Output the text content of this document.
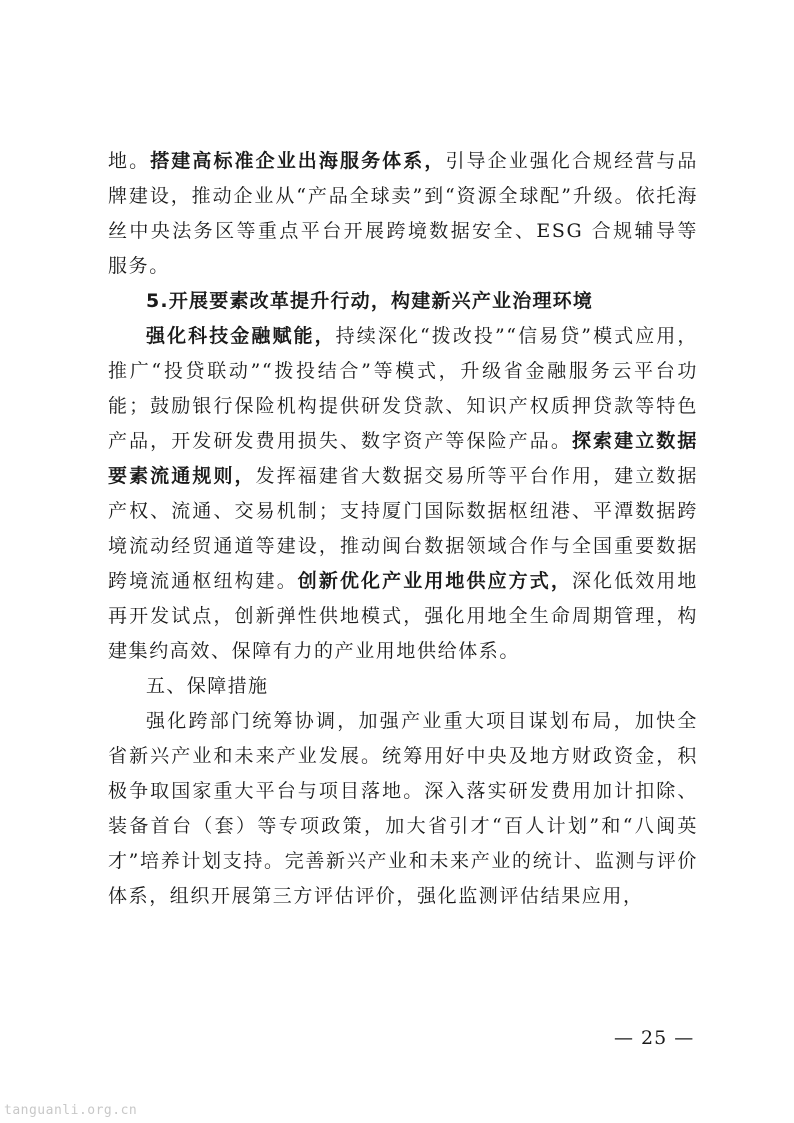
地。搭建高标准企业出海服务体系，引导企业强化合规经营与品牌建设，推动企业从“产品全球卖”到“资源全球配”升级。依托海丝中央法务区等重点平台开展跨境数据安全、ESG 合规辅导等服务。

5.开展要素改革提升行动，构建新兴产业治理环境

强化科技金融赋能，持续深化“拨改投”“信易贷”模式应用，推广“投贷联动”“拨投结合”等模式，升级省金融服务云平台功能；鼓励银行保险机构提供研发贷款、知识产权质押贷款等特色产品，开发研发费用损失、数字资产等保险产品。探索建立数据要素流通规则，发挥福建省大数据交易所等平台作用，建立数据产权、流通、交易机制；支持厦门国际数据枢纽港、平潭数据跨境流动经贸通道等建设，推动闽台数据领域合作与全国重要数据跨境流通枢纽构建。创新优化产业用地供应方式，深化低效用地再开发试点，创新弹性供地模式，强化用地全生命周期管理，构建集约高效、保障有力的产业用地供给体系。

五、保障措施

强化跨部门统筹协调，加强产业重大项目谋划布局，加快全省新兴产业和未来产业发展。统筹用好中央及地方财政资金，积极争取国家重大平台与项目落地。深入落实研发费用加计扣除、装备首台（套）等专项政策，加大省引才“百人计划”和“八闽英才”培养计划支持。完善新兴产业和未来产业的统计、监测与评价体系，组织开展第三方评估评价，强化监测评估结果应用，

— 25 —
tanguanli.org.cn
